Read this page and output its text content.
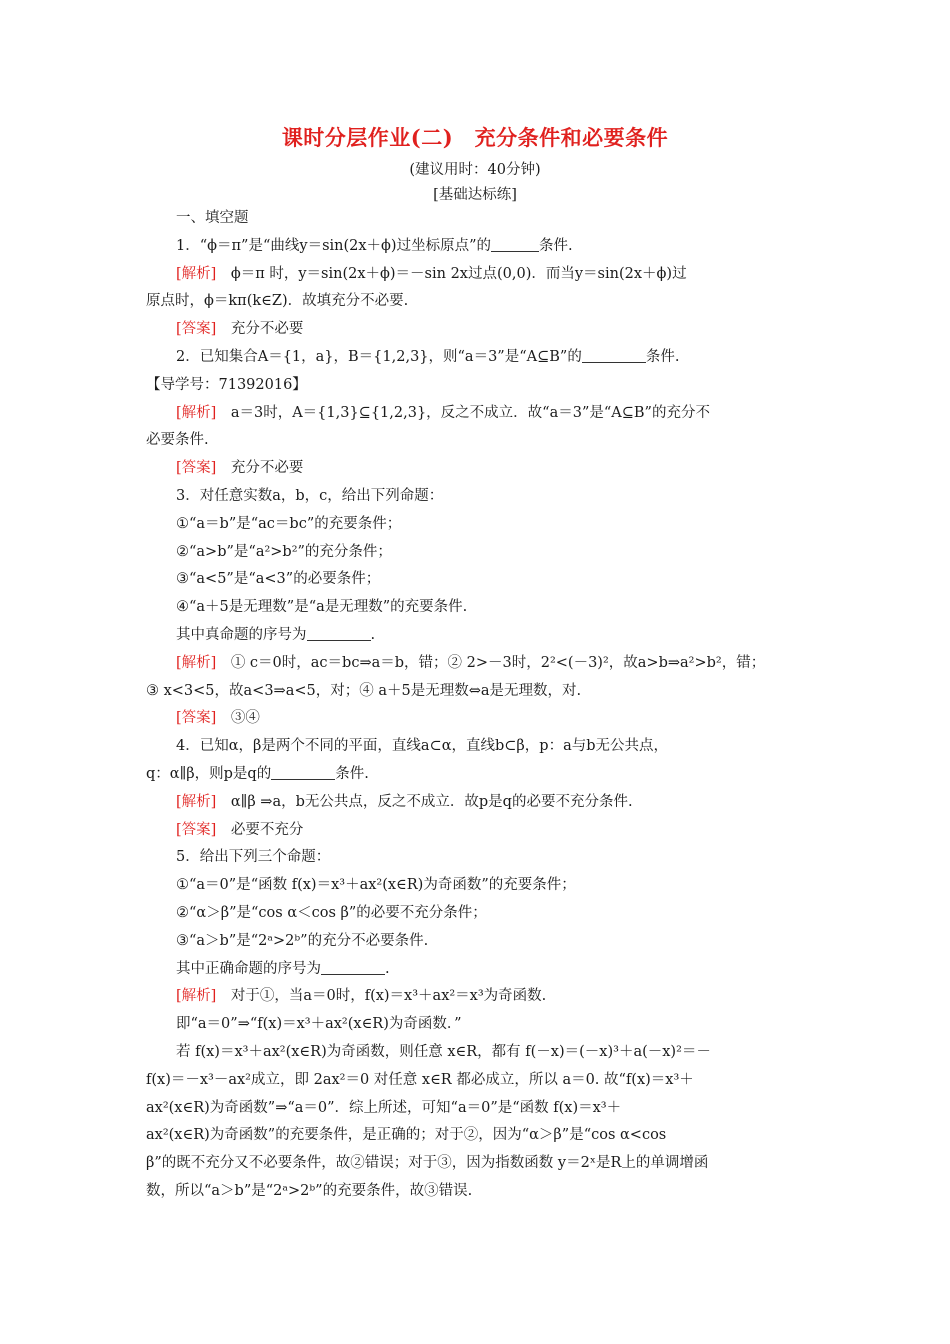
课时分层作业(二)　充分条件和必要条件
(建议用时：40分钟)
[基础达标练]

一、填空题

1．“ϕ＝π”是“曲线y＝sin(2x＋ϕ)过坐标原点”的	条件.

[解析]　 ϕ＝π 时，y＝sin(2x＋ϕ)＝－sin 2x过点(0,0)．而当y＝sin(2x＋ϕ)过

原点时，ϕ＝kπ(k∈Z)．故填充分不必要.

[答案]　 充分不必要

2．已知集合A＝{1，a}，B＝{1,2,3}，则“a＝3”是“A⊆B”的	条件.

【导学号：71392016】

[解析]　 a＝3时，A＝{1,3}⊆{1,2,3}，反之不成立．故“a＝3”是“A⊆B”的充分不

必要条件.

[答案]　 充分不必要

3．对任意实数a，b，c，给出下列命题：

①“a＝b”是“ac＝bc”的充要条件；

②“a>b”是“a²>b²”的充分条件；

③“a<5”是“a<3”的必要条件；

④“a＋5是无理数”是“a是无理数”的充要条件.

其中真命题的序号为	.

[解析]　 ① c＝0时，ac＝bc⇒a＝b，错；② 2>－3时，2²<(－3)²，故a>b⇒a²>b²，错；

③ x<3<5，故a<3⇒a<5，对；④ a＋5是无理数⇔a是无理数，对.

[答案]　 ③④

4．已知α，β是两个不同的平面，直线a⊂α，直线b⊂β，p：a与b无公共点，

q：α∥β，则p是q的	条件.

[解析]　 α∥β ⇒a，b无公共点，反之不成立．故p是q的必要不充分条件.

[答案]　 必要不充分

5．给出下列三个命题：

①“a＝0”是“函数 f(x)＝x³＋ax²(x∈R)为奇函数”的充要条件；

②“α＞β”是“cos α＜cos β”的必要不充分条件；

③“a＞b”是“2ᵃ>2ᵇ”的充分不必要条件.

其中正确命题的序号为	.

[解析]　 对于①，当a＝0时，f(x)＝x³＋ax²＝x³为奇函数.

即“a＝0”⇒“f(x)＝x³＋ax²(x∈R)为奇函数．”

若 f(x)＝x³＋ax²(x∈R)为奇函数，则任意 x∈R，都有 f(－x)＝(－x)³＋a(－x)²＝－

f(x)＝－x³－ax²成立，即 2ax²＝0 对任意 x∈R 都必成立，所以 a＝0. 故“f(x)＝x³＋

ax²(x∈R)为奇函数”⇒“a＝0”．综上所述，可知“a＝0”是“函数 f(x)＝x³＋

ax²(x∈R)为奇函数”的充要条件，是正确的；对于②，因为“α＞β”是“cos α<cos

β”的既不充分又不必要条件，故②错误；对于③，因为指数函数 y＝2ˣ是R上的单调增函

数，所以“a＞b”是“2ᵃ>2ᵇ”的充要条件，故③错误.
